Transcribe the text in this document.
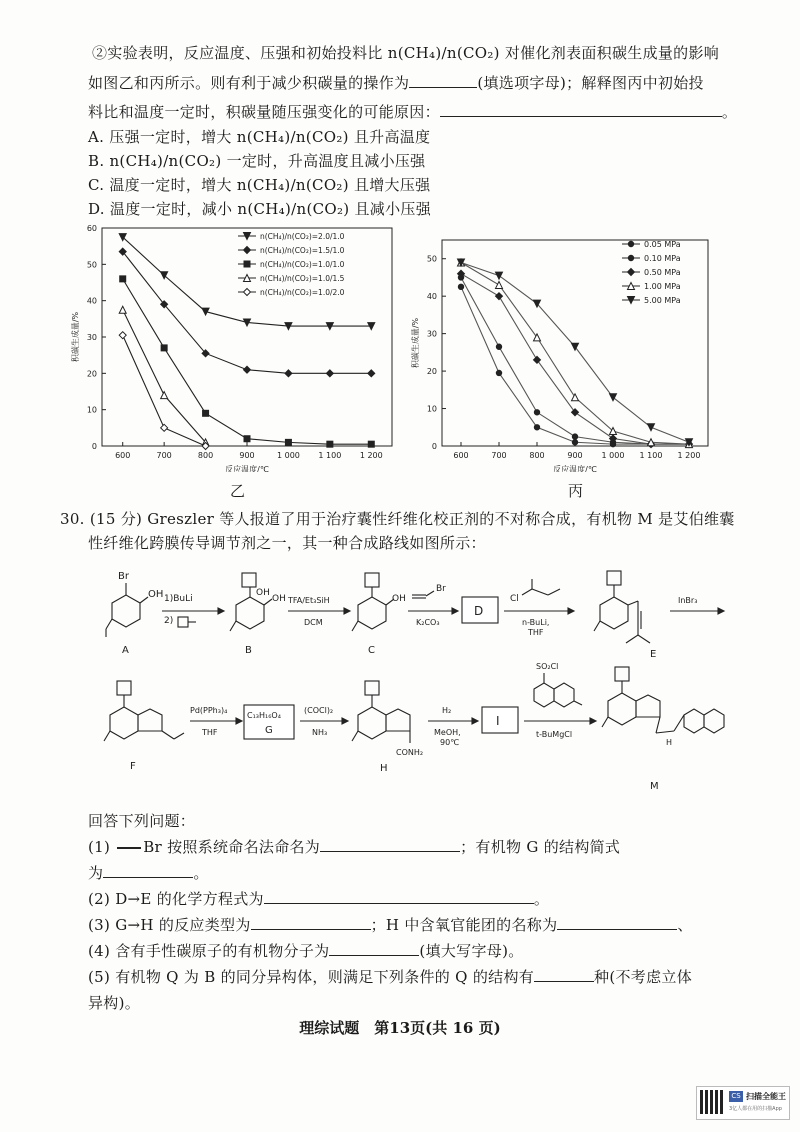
②实验表明，反应温度、压强和初始投料比 n(CH₄)/n(CO₂) 对催化剂表面积碳生成量的影响
如图乙和丙所示。则有利于减少积碳量的操作为	(填选项字母)；解释图丙中初始投
料比和温度一定时，积碳量随压强变化的可能原因：	。
A. 压强一定时，增大 n(CH₄)/n(CO₂) 且升高温度
B. n(CH₄)/n(CO₂) 一定时，升高温度且减小压强
C. 温度一定时，增大 n(CH₄)/n(CO₂) 且增大压强
D. 温度一定时，减小 n(CH₄)/n(CO₂) 且减小压强
0
10
20
30
40
50
60
600	700	800	900	1 000 1 100 1 200
反应温度/℃
积碳生成量/%
n(CH₄)/n(CO₂)=2.0/1.0
n(CH₄)/n(CO₂)=1.5/1.0
n(CH₄)/n(CO₂)=1.0/1.0
n(CH₄)/n(CO₂)=1.0/1.5
n(CH₄)/n(CO₂)=1.0/2.0
乙
0
10
20
30
40
50
600	700	800	900 1 000 1 100 1 200
反应温度/℃
积碳生成量/%
0.05 MPa
0.10 MPa
0.50 MPa
1.00 MPa
5.00 MPa
丙
30. (15 分) Greszler 等人报道了用于治疗囊性纤维化校正剂的不对称合成，有机物 M 是艾伯维囊
性纤维化跨膜传导调节剂之一，其一种合成路线如图所示：
Br
OH
A
1)BuLi
2)
OH
OH
B
TFA/Et₃SiH
DCM
OH
C
Br
K₂CO₃
D
Cl
n-BuLi,
THF
E
InBr₃
F
Pd(PPh₃)₄
THF
C₁₃H₁₆O₄
G
(COCl)₂
NH₃
CONH₂
H
H₂
MeOH,
90℃
I
SO₂Cl
t-BuMgCl
H
M
回答下列问题：
(1) Br 按照系统命名法命名为	；有机物 G 的结构简式
为	。
(2) D→E 的化学方程式为	。
(3) G→H 的反应类型为	；H 中含氧官能团的名称为	、
(4) 含有手性碳原子的有机物分子为	(填大写字母)。
(5) 有机物 Q 为 B 的同分异构体，则满足下列条件的 Q 的结构有	种(不考虑立体
异构)。
理综试题　第13页(共 16 页)
CS 扫描全能王
3亿人都在用的扫描App
